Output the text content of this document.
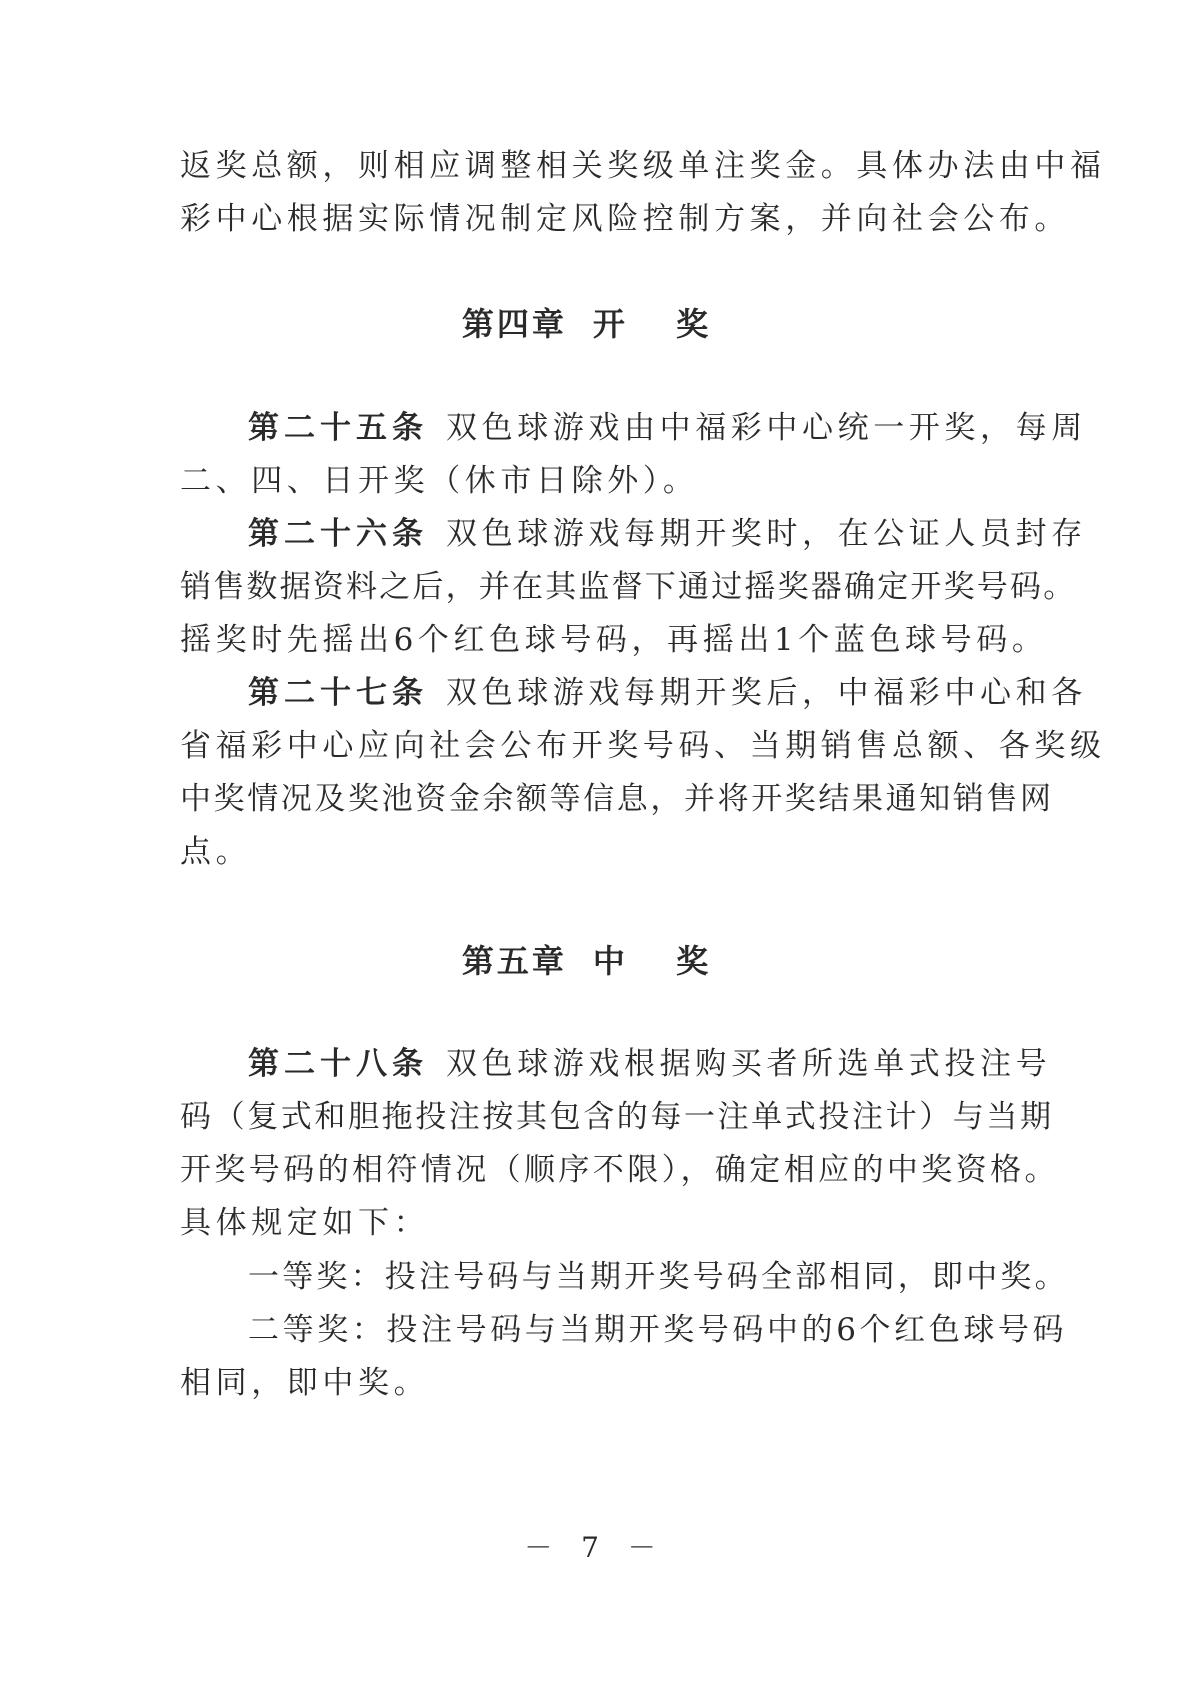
返奖总额，则相应调整相关奖级单注奖金。具体办法由中福
彩中心根据实际情况制定风险控制方案，并向社会公布。
第四章 开 奖
第二十五条 双色球游戏由中福彩中心统一开奖，每周
二、四、日开奖（休市日除外）。
第二十六条 双色球游戏每期开奖时，在公证人员封存
销售数据资料之后，并在其监督下通过摇奖器确定开奖号码。
摇奖时先摇出6个红色球号码，再摇出1个蓝色球号码。
第二十七条 双色球游戏每期开奖后，中福彩中心和各
省福彩中心应向社会公布开奖号码、当期销售总额、各奖级
中奖情况及奖池资金余额等信息，并将开奖结果通知销售网
点。
第五章 中 奖
第二十八条 双色球游戏根据购买者所选单式投注号
码（复式和胆拖投注按其包含的每一注单式投注计）与当期
开奖号码的相符情况（顺序不限），确定相应的中奖资格。
具体规定如下：
一等奖：投注号码与当期开奖号码全部相同，即中奖。
二等奖：投注号码与当期开奖号码中的6个红色球号码
相同，即中奖。
－ 7 －
